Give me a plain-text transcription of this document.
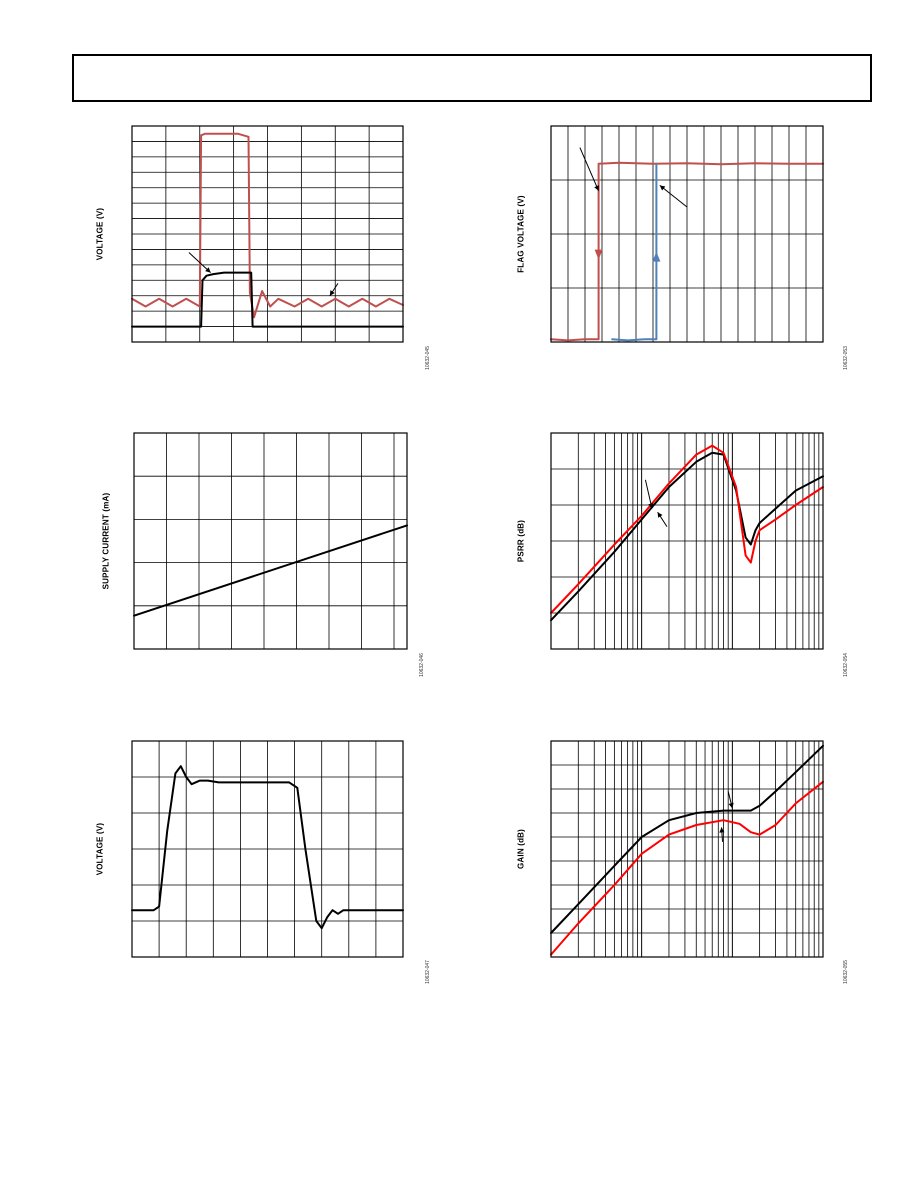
VOLTAGE (V)
10632-045
FLAG VOLTAGE (V)
10632-053
SUPPLY CURRENT (mA)
10632-046
PSRR (dB)
10632-054
VOLTAGE (V)
10632-047
GAIN (dB)
10632-055
